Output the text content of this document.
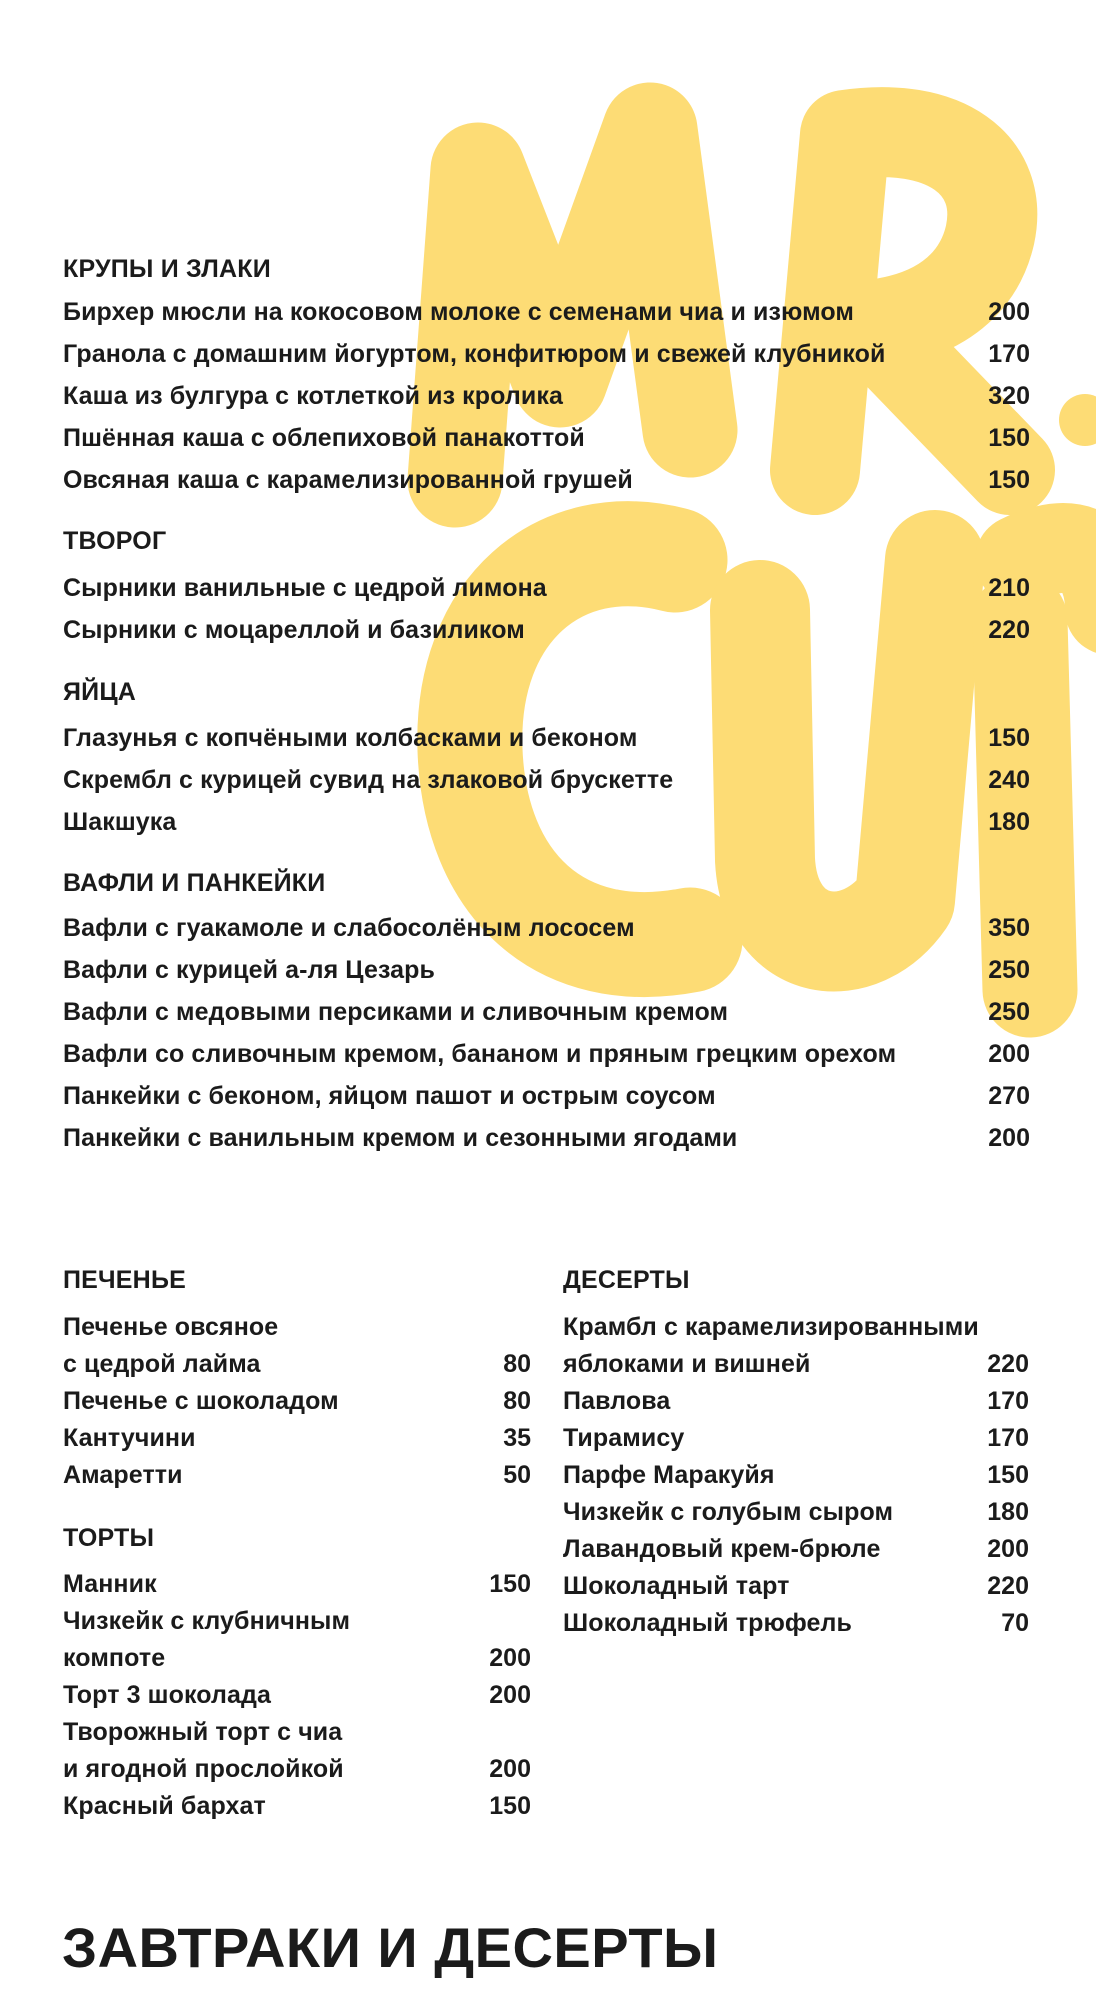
КРУПЫ И ЗЛАКИ
Бирхер мюсли на кокосовом молоке с семенами чиа и изюмом	200
Гранола с домашним йогуртом, конфитюром и свежей клубникой	170
Каша из булгура с котлеткой из кролика	320
Пшённая каша с облепиховой панакоттой	150
Овсяная каша с карамелизированной грушей	150
ТВОРОГ
Сырники ванильные с цедрой лимона	210
Сырники с моцареллой и базиликом	220
ЯЙЦА
Глазунья с копчёными колбасками и беконом	150
Скрембл с курицей сувид на злаковой брускетте	240
Шакшука	180
ВАФЛИ И ПАНКЕЙКИ
Вафли с гуакамоле и слабосолёным лососем	350
Вафли с курицей а-ля Цезарь	250
Вафли с медовыми персиками и сливочным кремом	250
Вафли со сливочным кремом, бананом и пряным грецким орехом	200
Панкейки с беконом, яйцом пашот и острым соусом	270
Панкейки с ванильным кремом и сезонными ягодами	200
ПЕЧЕНЬЕ
Печенье овсяное
с цедрой лайма	80
Печенье с шоколадом	80
Кантучини	35
Амаретти	50
ТОРТЫ
Манник	150
Чизкейк с клубничным
компоте	200
Торт 3 шоколада	200
Творожный торт с чиа
и ягодной прослойкой	200
Красный бархат	150
ДЕСЕРТЫ
Крамбл с карамелизированными
яблоками и вишней	220
Павлова	170
Тирамису	170
Парфе Маракуйя	150
Чизкейк с голубым сыром	180
Лавандовый крем-брюле	200
Шоколадный тарт	220
Шоколадный трюфель	70
ЗАВТРАКИ И ДЕСЕРТЫ
